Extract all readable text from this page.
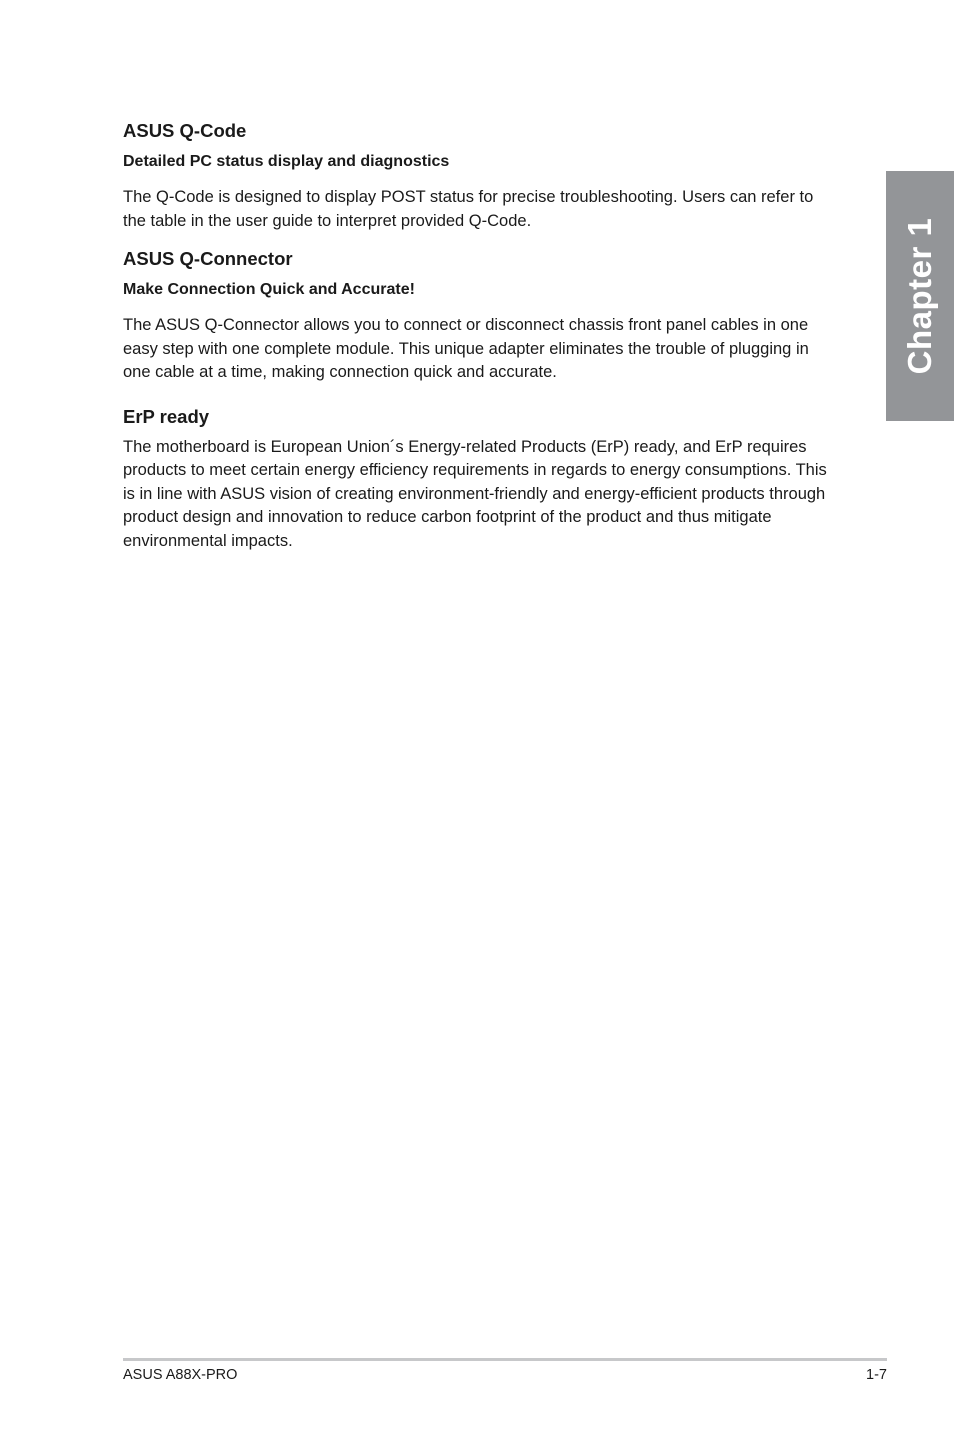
ASUS Q-Code
Detailed PC status display and diagnostics

The Q-Code is designed to display POST status for precise troubleshooting. Users can refer to the table in the user guide to interpret provided Q-Code.

ASUS Q-Connector
Make Connection Quick and Accurate!

The ASUS Q-Connector allows you to connect or disconnect chassis front panel cables in one easy step with one complete module. This unique adapter eliminates the trouble of plugging in one cable at a time, making connection quick and accurate.

ErP ready

The motherboard is European Union´s Energy-related Products (ErP) ready, and ErP requires products to meet certain energy efficiency requirements in regards to energy consumptions. This is in line with ASUS vision of creating environment-friendly and energy-efficient products through product design and innovation to reduce carbon footprint of the product and thus mitigate environmental impacts.

Chapter 1
ASUS A88X-PRO	1-7
